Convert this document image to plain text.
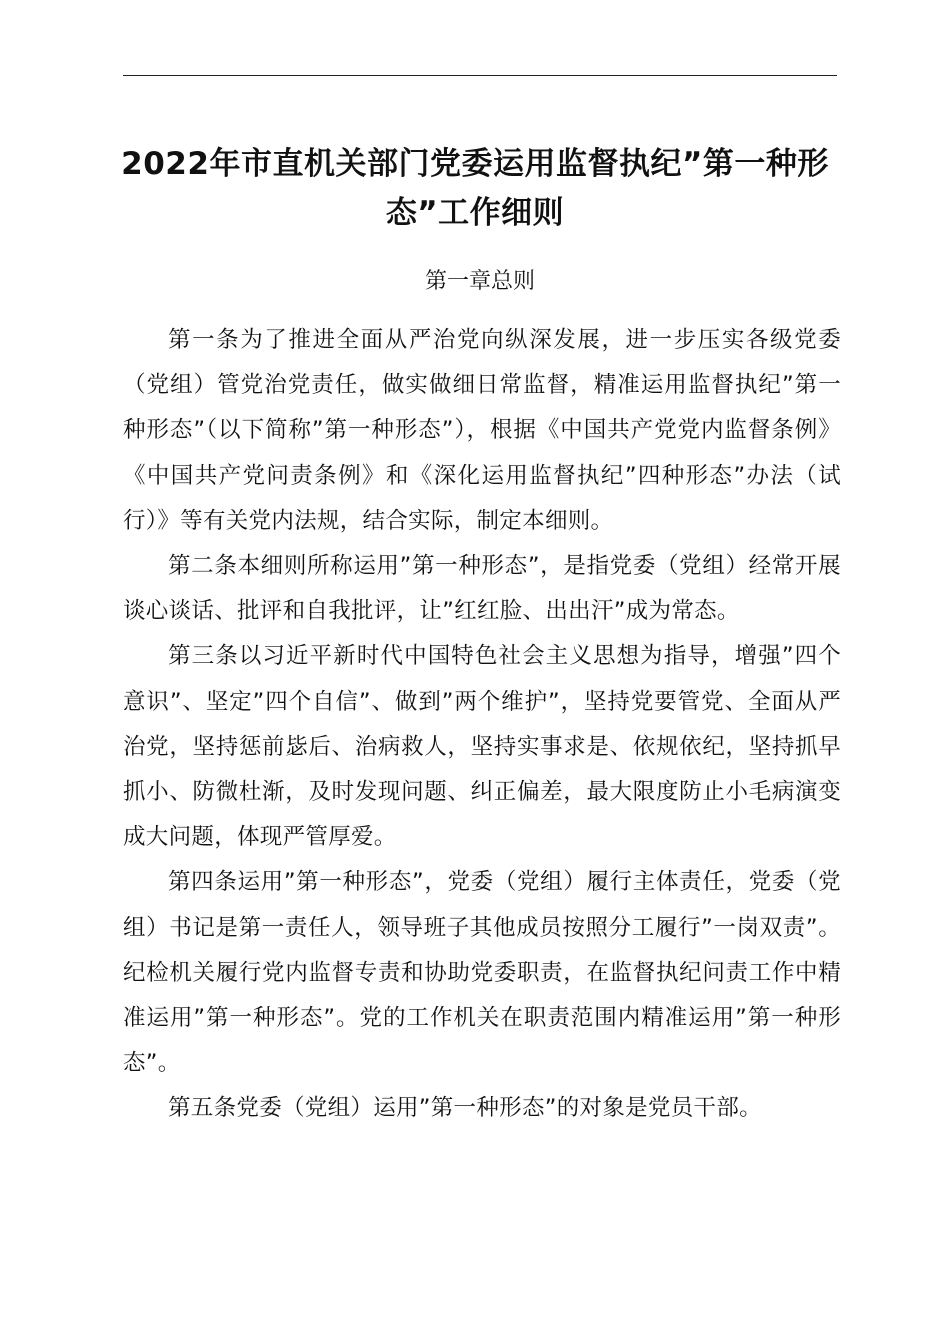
2022年市直机关部门党委运用监督执纪”第一种形态”工作细则

第一章总则

第一条为了推进全面从严治党向纵深发展，进一步压实各级党委（党组）管党治党责任，做实做细日常监督，精准运用监督执纪”第一种形态”（以下简称”第一种形态”），根据《中国共产党党内监督条例》《中国共产党问责条例》和《深化运用监督执纪”四种形态”办法（试行）》等有关党内法规，结合实际，制定本细则。

第二条本细则所称运用”第一种形态”，是指党委（党组）经常开展谈心谈话、批评和自我批评，让”红红脸、出出汗”成为常态。

第三条以习近平新时代中国特色社会主义思想为指导，增强”四个意识”、坚定”四个自信”、做到”两个维护”，坚持党要管党、全面从严治党，坚持惩前毖后、治病救人，坚持实事求是、依规依纪，坚持抓早抓小、防微杜渐，及时发现问题、纠正偏差，最大限度防止小毛病演变成大问题，体现严管厚爱。

第四条运用”第一种形态”，党委（党组）履行主体责任，党委（党组）书记是第一责任人，领导班子其他成员按照分工履行”一岗双责”。纪检机关履行党内监督专责和协助党委职责，在监督执纪问责工作中精准运用”第一种形态”。党的工作机关在职责范围内精准运用”第一种形态”。

第五条党委（党组）运用”第一种形态”的对象是党员干部。
